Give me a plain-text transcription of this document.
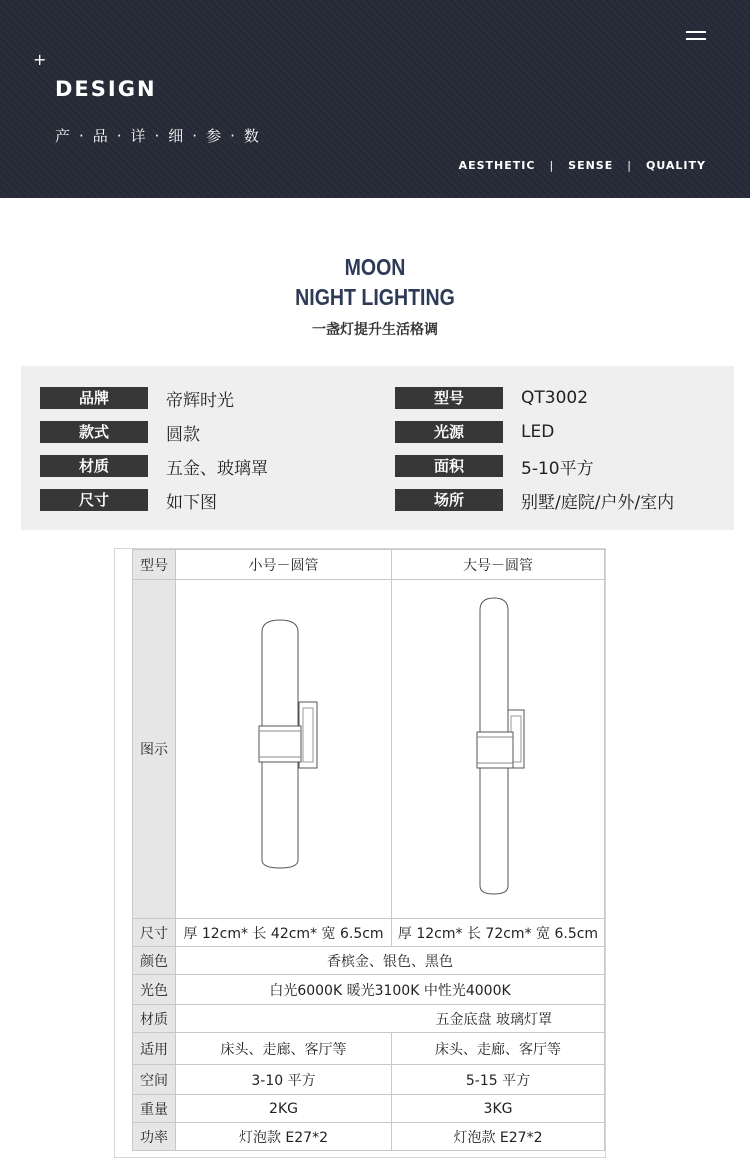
+
DESIGN
产·品·详·细·参·数
AESTHETIC | SENSE | QUALITY
MOON
NIGHT LIGHTING
一盏灯提升生活格调
品牌	帝辉时光	型号	QT3002
款式	圆款	光源	LED
材质	五金、玻璃罩	面积	5-10平方
尺寸	如下图	场所	别墅/庭院/户外/室内
型号	小号－圆管	大号－圆管
图示		
尺寸	厚 12cm* 长 42cm* 宽 6.5cm	厚 12cm* 长 72cm* 宽 6.5cm
颜色	香槟金、银色、黑色	
光色	白光6000K 暖光3100K 中性光4000K	
材质	五金底盘 玻璃灯罩	
适用	床头、走廊、客厅等	床头、走廊、客厅等
空间	3-10 平方	5-15 平方
重量	2KG	3KG
功率	灯泡款 E27*2	灯泡款 E27*2
